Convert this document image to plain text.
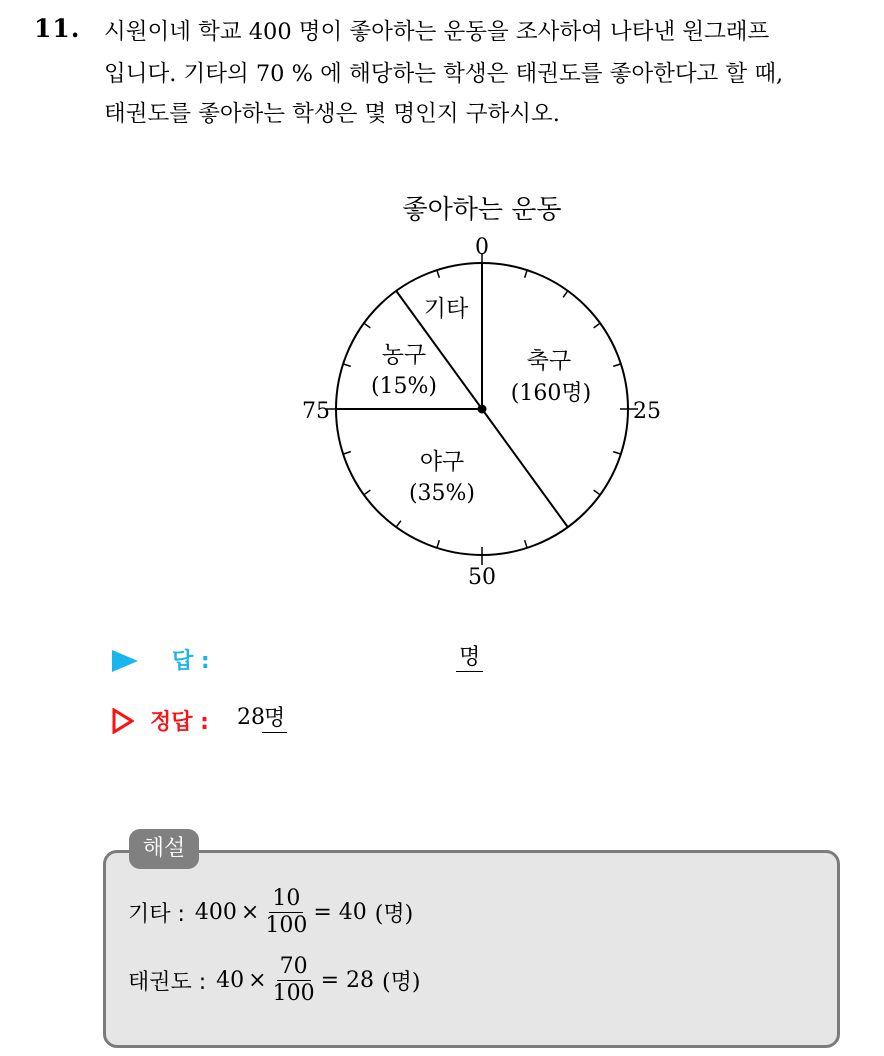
11. 시원이네 학교 400 명이 좋아하는 운동을 조사하여 나타낸 원그래프
입니다. 기타의 70 % 에 해당하는 학생은 태권도를 좋아한다고 할 때,
태권도를 좋아하는 학생은 몇 명인지 구하시오.
좋아하는 운동
0
25
50
75
축구
(160명)
야구
(35%)
농구
(15%)
기타
답 :	명
정답 : 28 명
해설
기타 : $400 \times \frac{10}{100} = 40$ (명)
태권도 : $40 \times \frac{70}{100} = 28$ (명)
